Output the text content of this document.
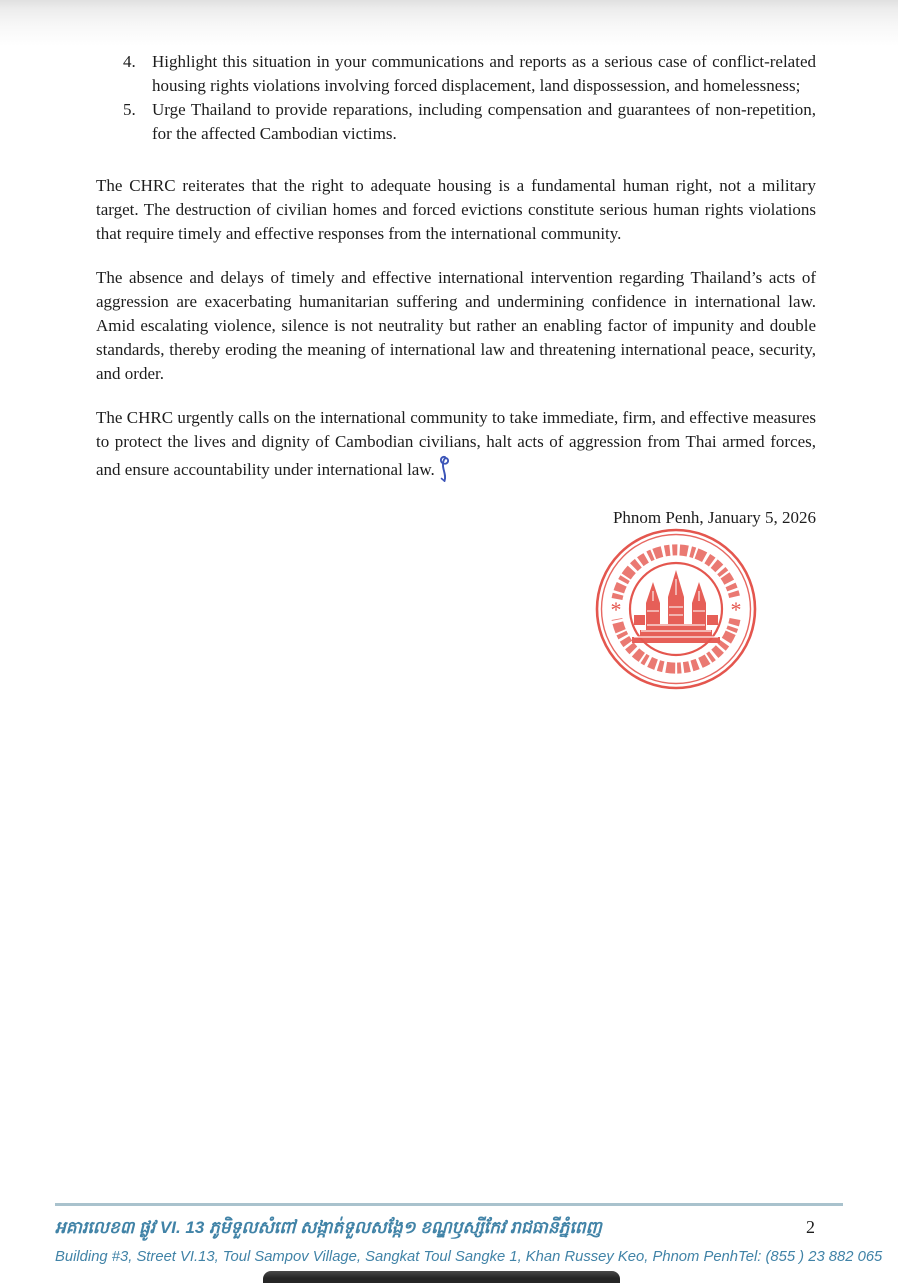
4. Highlight this situation in your communications and reports as a serious case of conflict-related housing rights violations involving forced displacement, land dispossession, and homelessness;
5. Urge Thailand to provide reparations, including compensation and guarantees of non-repetition, for the affected Cambodian victims.

The CHRC reiterates that the right to adequate housing is a fundamental human right, not a military target. The destruction of civilian homes and forced evictions constitute serious human rights violations that require timely and effective responses from the international community.

The absence and delays of timely and effective international intervention regarding Thailand’s acts of aggression are exacerbating humanitarian suffering and undermining confidence in international law. Amid escalating violence, silence is not neutrality but rather an enabling factor of impunity and double standards, thereby eroding the meaning of international law and threatening international peace, security, and order.

The CHRC urgently calls on the international community to take immediate, firm, and effective measures to protect the lives and dignity of Cambodian civilians, halt acts of aggression from Thai armed forces, and ensure accountability under international law.

Phnom Penh, January 5, 2026

*	*
អគារលេខ៣ ផ្លូវ VI. 13 ភូមិទួលសំពៅ សង្កាត់ទួលសង្កែ១ ខណ្ឌឫស្សីកែវ រាជធានីភ្នំពេញ	2
Building #3, Street VI.13, Toul Sampov Village, Sangkat Toul Sangke 1, Khan Russey Keo, Phnom Penh Tel: (855 ) 23 882 065
